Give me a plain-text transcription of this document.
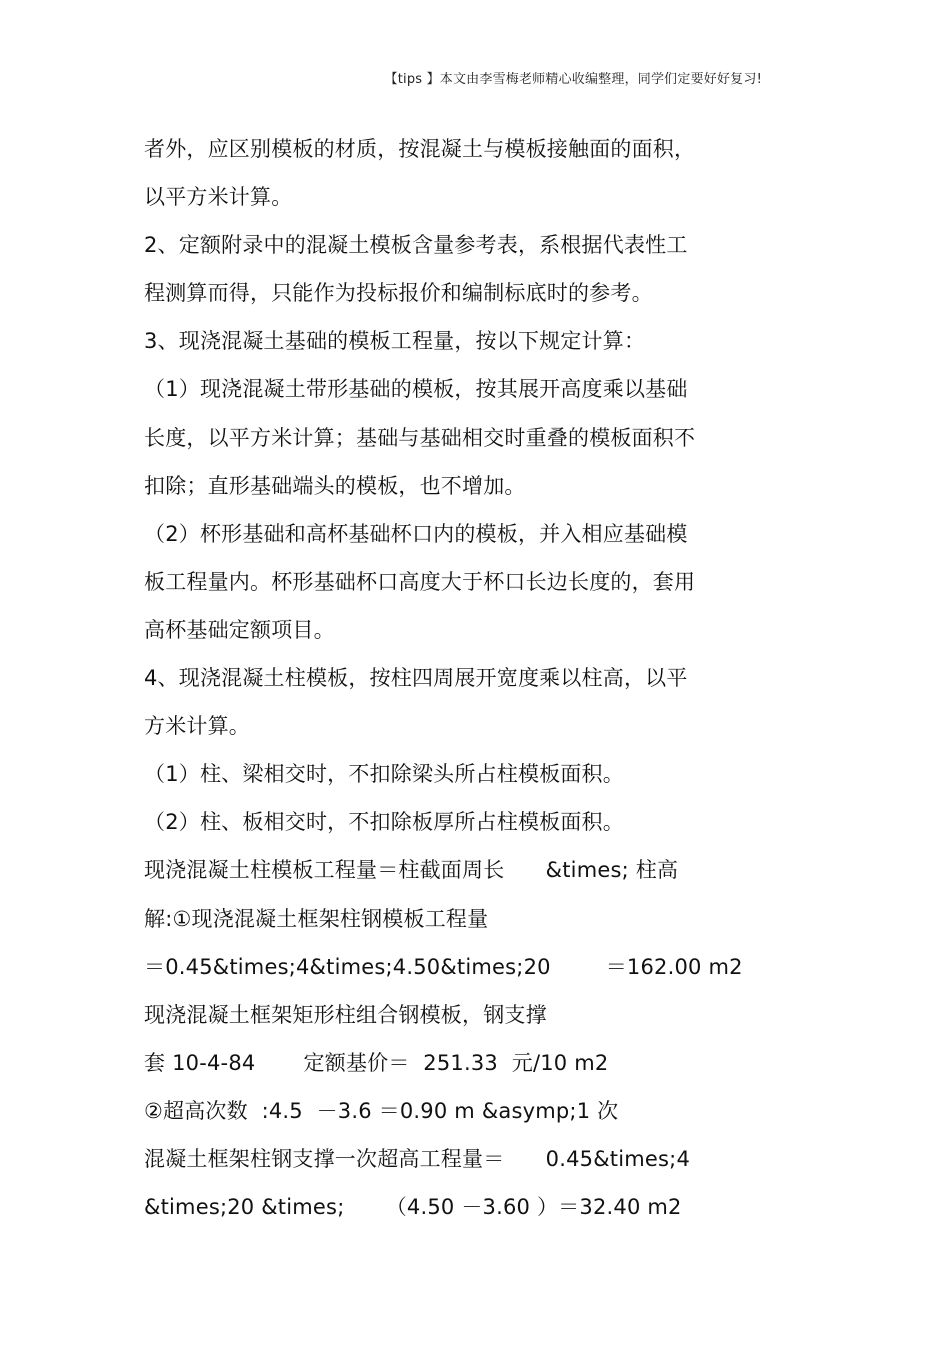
【tips 】本文由李雪梅老师精心收编整理，同学们定要好好复习!
者外，应区别模板的材质，按混凝土与模板接触面的面积，
以平方米计算。
2、定额附录中的混凝土模板含量参考表，系根据代表性工
程测算而得，只能作为投标报价和编制标底时的参考。
3、现浇混凝土基础的模板工程量，按以下规定计算：
（1）现浇混凝土带形基础的模板，按其展开高度乘以基础
长度，以平方米计算；基础与基础相交时重叠的模板面积不
扣除；直形基础端头的模板，也不增加。
（2）杯形基础和高杯基础杯口内的模板，并入相应基础模
板工程量内。杯形基础杯口高度大于杯口长边长度的，套用
高杯基础定额项目。
4、现浇混凝土柱模板，按柱四周展开宽度乘以柱高，以平
方米计算。
（1）柱、梁相交时，不扣除梁头所占柱模板面积。
（2）柱、板相交时，不扣除板厚所占柱模板面积。
现浇混凝土柱模板工程量＝柱截面周长      &times; 柱高
解:①现浇混凝土框架柱钢模板工程量
＝0.45&times;4&times;4.50&times;20        ＝162.00 m2
现浇混凝土框架矩形柱组合钢模板，钢支撑
套 10-4-84       定额基价＝  251.33  元/10 m2
②超高次数  :4.5  －3.6 ＝0.90 m &asymp;1 次
混凝土框架柱钢支撑一次超高工程量＝      0.45&times;4
&times;20 &times;      （4.50 －3.60 ）＝32.40 m2
